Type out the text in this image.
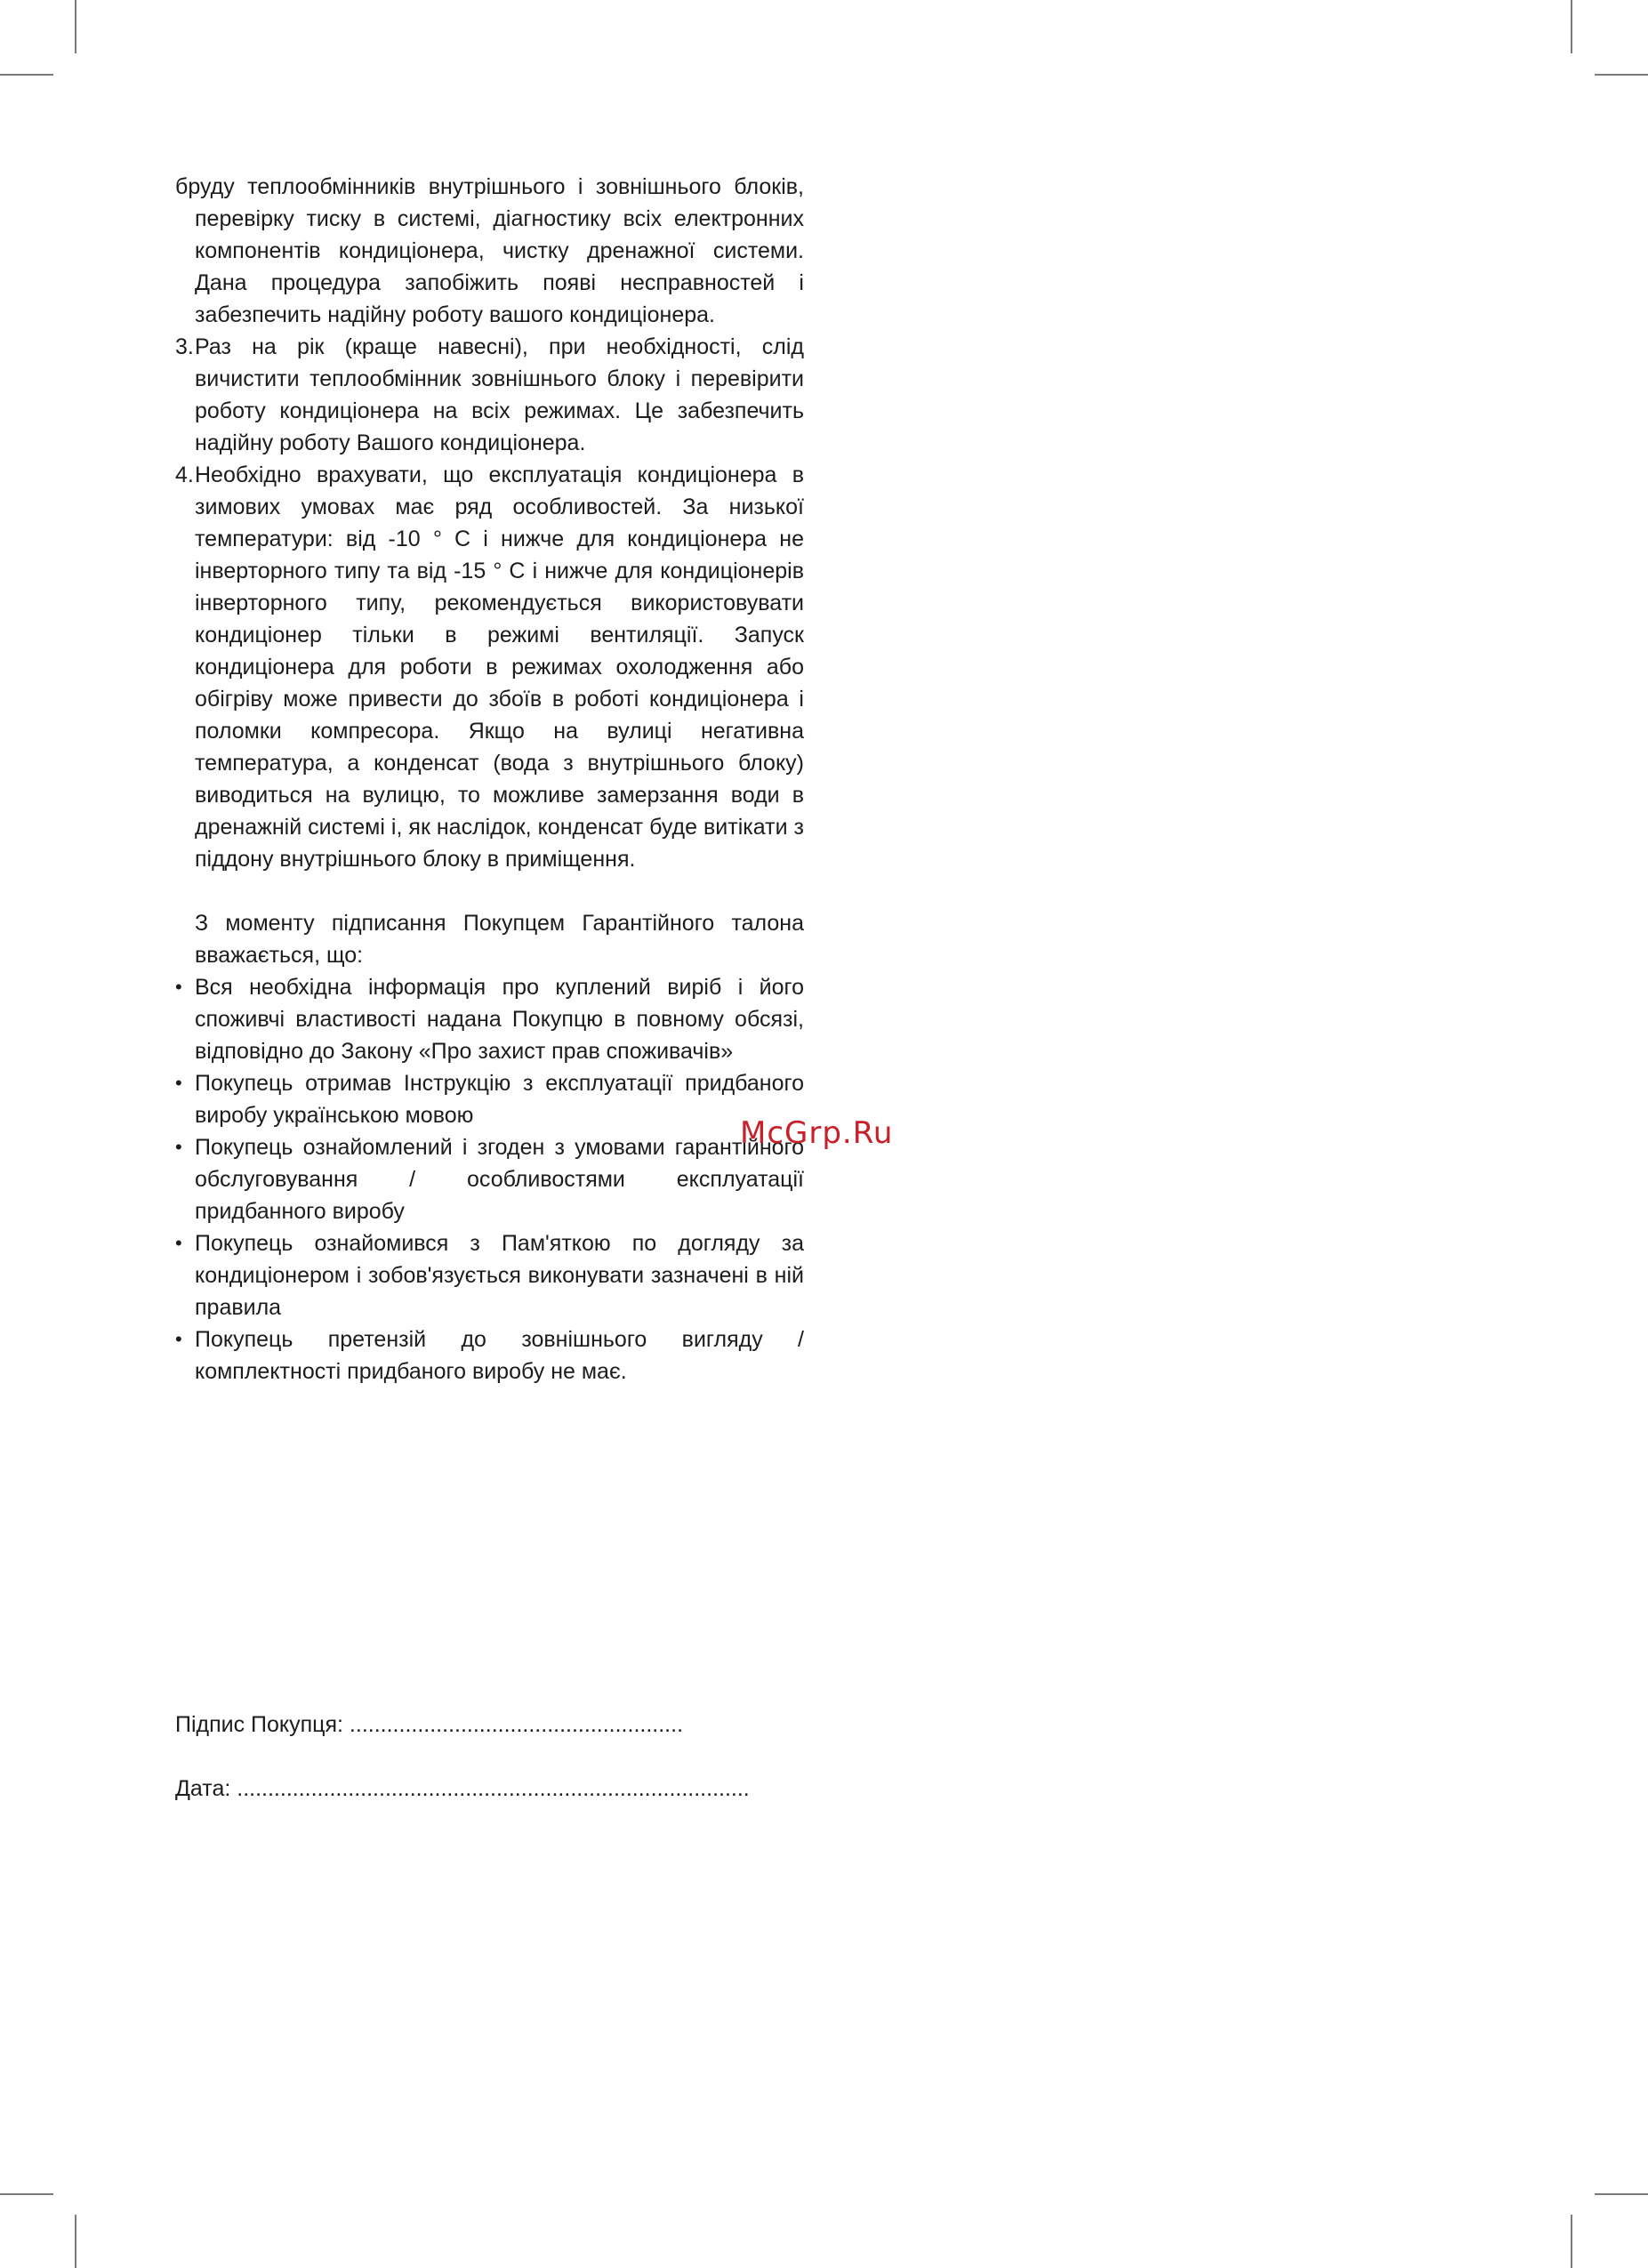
бруду теплообмінників внутрішнього і зовнішнього блоків, перевірку тиску в системі, діагностику всіх електронних компонентів кондиціонера, чистку дренажної системи. Дана процедура запобіжить появі несправностей і забезпечить надійну роботу вашого кондиціонера.

3.Раз на рік (краще навесні), при необхідності, слід вичистити теплообмінник зовнішнього блоку і перевірити роботу кондиціонера на всіх режимах. Це забезпечить надійну роботу Вашого кондиціонера.

4.Необхідно врахувати, що експлуатація кондиціонера в зимових умовах має ряд особливостей. За низької температури: від -10 ° С і нижче для кондиціонера не інверторного типу та від -15 ° С і нижче для кондиціонерів інверторного типу, рекомендується використовувати кондиціонер тільки в режимі вентиляції. Запуск кондиціонера для роботи в режимах охолодження або обігріву може привести до збоїв в роботі кондиціонера і поломки компресора. Якщо на вулиці негативна температура, а конденсат (вода з внутрішнього блоку) виводиться на вулицю, то можливе замерзання води в дренажній системі і, як наслідок, конденсат буде витікати з піддону внутрішнього блоку в приміщення.

З моменту підписання Покупцем Гарантійного талона вважається, що:

• Вся необхідна інформація про куплений виріб і його споживчі властивості надана Покупцю в повному обсязі, відповідно до Закону «Про захист прав споживачів»
• Покупець отримав Інструкцію з експлуатації придбаного виробу українською мовою
• Покупець ознайомлений і згоден з умовами гарантійного обслуговування / особливостями експлуатації придбанного виробу
• Покупець ознайомився з Пам'яткою по догляду за кондиціонером і зобов'язується виконувати зазначені в ній правила
• Покупець претензій до зовнішнього вигляду / комплектності придбаного виробу не має.
McGrp.Ru
Підпис Покупця: ......................................................
Дата: ...................................................................................
